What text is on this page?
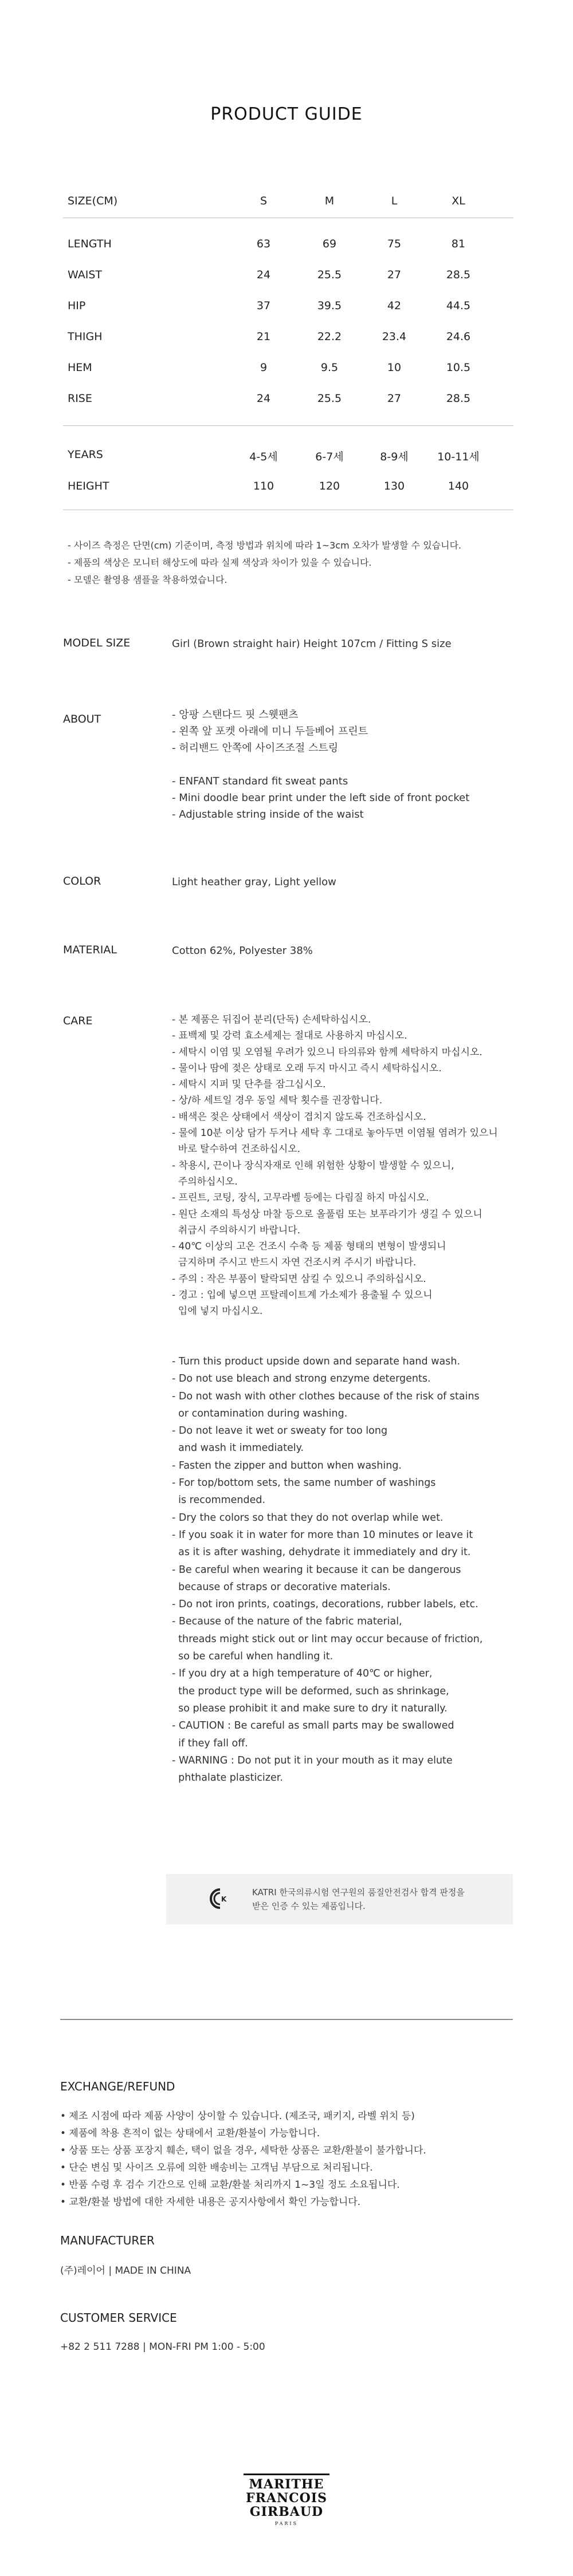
PRODUCT GUIDE
SIZE(CM)	S	M	L	XL
LENGTH	63	69	75	81
WAIST	24	25.5	27	28.5
HIP	37	39.5	42	44.5
THIGH	21	22.2	23.4	24.6
HEM	9	9.5	10	10.5
RISE	24	25.5	27	28.5
YEARS	4-5세	6-7세	8-9세	10-11세
HEIGHT	110	120	130	140
- 사이즈 측정은 단면(cm) 기준이며, 측정 방법과 위치에 따라 1~3cm 오차가 발생할 수 있습니다.
- 제품의 색상은 모니터 해상도에 따라 실제 색상과 차이가 있을 수 있습니다.
- 모델은 촬영용 샘플을 착용하였습니다.
MODEL SIZE	Girl (Brown straight hair) Height 107cm / Fitting S size
ABOUT	- 앙팡 스탠다드 핏 스웻팬츠
- 왼쪽 앞 포켓 아래에 미니 두들베어 프린트
- 허리밴드 안쪽에 사이즈조절 스트링

- ENFANT standard fit sweat pants
- Mini doodle bear print under the left side of front pocket
- Adjustable string inside of the waist
COLOR	Light heather gray, Light yellow
MATERIAL	Cotton 62%, Polyester 38%
CARE	- 본 제품은 뒤집어 분리(단독) 손세탁하십시오.
- 표백제 및 강력 효소세제는 절대로 사용하지 마십시오.
- 세탁시 이염 및 오염될 우려가 있으니 타의류와 함께 세탁하지 마십시오.
- 물이나 땀에 젖은 상태로 오래 두지 마시고 즉시 세탁하십시오.
- 세탁시 지퍼 및 단추를 잠그십시오.
- 상/하 세트일 경우 동일 세탁 횟수를 권장합니다.
- 배색은 젖은 상태에서 색상이 겹치지 않도록 건조하십시오.
- 물에 10분 이상 담가 두거나 세탁 후 그대로 놓아두면 이염될 염려가 있으니
바로 탈수하여 건조하십시오.
- 착용시, 끈이나 장식자재로 인해 위험한 상황이 발생할 수 있으니,
주의하십시오.
- 프린트, 코팅, 장식, 고무라벨 등에는 다림질 하지 마십시오.
- 원단 소재의 특성상 마찰 등으로 올풀림 또는 보푸라기가 생길 수 있으니
취급시 주의하시기 바랍니다.
- 40℃ 이상의 고온 건조시 수축 등 제품 형태의 변형이 발생되니
금지하며 주시고 반드시 자연 건조시켜 주시기 바랍니다.
- 주의 : 작은 부품이 탈락되면 삼킬 수 있으니 주의하십시오.
- 경고 : 입에 넣으면 프탈레이트계 가소제가 용출될 수 있으니
입에 넣지 마십시오.
- Turn this product upside down and separate hand wash.
- Do not use bleach and strong enzyme detergents.
- Do not wash with other clothes because of the risk of stains
or contamination during washing.
- Do not leave it wet or sweaty for too long
and wash it immediately.
- Fasten the zipper and button when washing.
- For top/bottom sets, the same number of washings
is recommended.
- Dry the colors so that they do not overlap while wet.
- If you soak it in water for more than 10 minutes or leave it
as it is after washing, dehydrate it immediately and dry it.
- Be careful when wearing it because it can be dangerous
because of straps or decorative materials.
- Do not iron prints, coatings, decorations, rubber labels, etc.
- Because of the nature of the fabric material,
threads might stick out or lint may occur because of friction,
so be careful when handling it.
- If you dry at a high temperature of 40℃ or higher,
the product type will be deformed, such as shrinkage,
so please prohibit it and make sure to dry it naturally.
- CAUTION : Be careful as small parts may be swallowed
if they fall off.
- WARNING : Do not put it in your mouth as it may elute
phthalate plasticizer.
K
KATRI 한국의류시험 연구원의 품질안전검사 합격 판정을
받은 인증 수 있는 제품입니다.
EXCHANGE/REFUND
• 제조 시점에 따라 제품 사양이 상이할 수 있습니다. (제조국, 패키지, 라벨 위치 등)
• 제품에 착용 흔적이 없는 상태에서 교환/환불이 가능합니다.
• 상품 또는 상품 포장지 훼손, 택이 없을 경우, 세탁한 상품은 교환/환불이 불가합니다.
• 단순 변심 및 사이즈 오류에 의한 배송비는 고객님 부담으로 처리됩니다.
• 반품 수령 후 검수 기간으로 인해 교환/환불 처리까지 1~3일 정도 소요됩니다.
• 교환/환불 방법에 대한 자세한 내용은 공지사항에서 확인 가능합니다.
MANUFACTURER
(주)레이어 | MADE IN CHINA
CUSTOMER SERVICE
+82 2 511 7288 | MON-FRI PM 1:00 - 5:00
MARITHE
FRANCOIS
GIRBAUD
PARIS
